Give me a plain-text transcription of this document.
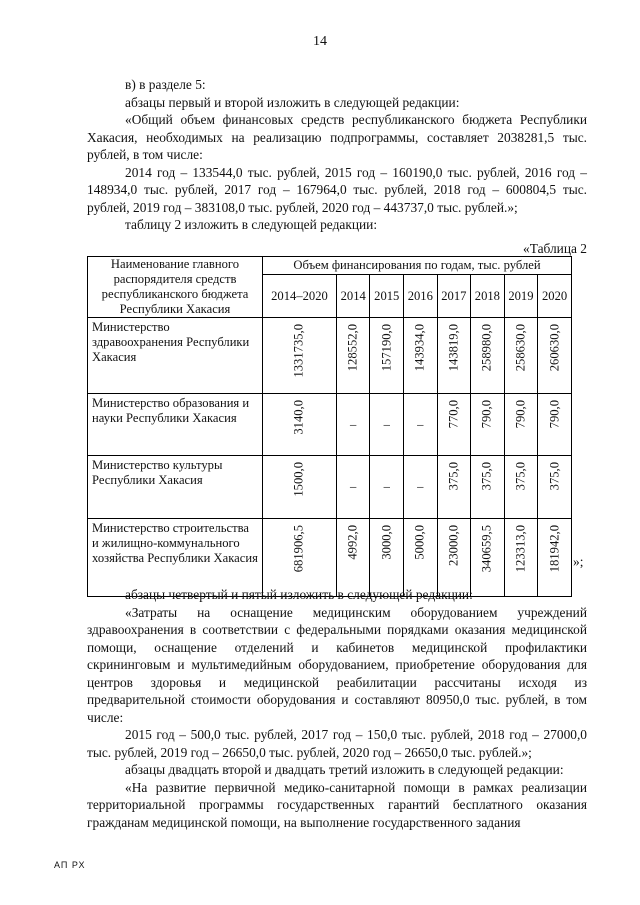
14

в) в разделе 5:

абзацы первый и второй изложить в следующей редакции:

«Общий объем финансовых средств республиканского бюджета Республики Хакасия, необходимых на реализацию подпрограммы, составляет 2038281,5 тыс. рублей, в том числе:

2014 год – 133544,0 тыс. рублей, 2015 год – 160190,0 тыс. рублей, 2016 год – 148934,0 тыс. рублей, 2017 год – 167964,0 тыс. рублей, 2018 год – 600804,5 тыс. рублей, 2019 год – 383108,0 тыс. рублей, 2020 год – 443737,0 тыс. рублей.»;

таблицу 2 изложить в следующей редакции:

«Таблица 2

Наименование главного распорядителя средств республиканского бюджета Республики Хакасия	Объем финансирования по годам, тыс. рублей							
	2014–2020	2014	2015	2016	2017	2018	2019	2020
Министерство здравоохранения Республики Хакасия	1331735,0	128552,0	157190,0	143934,0	143819,0	258980,0	258630,0	260630,0

Министерство образования и науки Республики Хакасия	3140,0	–	–	–	770,0	790,0	790,0	790,0

Министерство культуры Республики Хакасия	1500,0	–	–	–	375,0	375,0	375,0	375,0

Министерство строительства и жилищно-коммунального хозяйства Республики Хакасия	681906,5	4992,0	3000,0	5000,0	23000,0	340659,5	123313,0	181942,0 »;

абзацы четвертый и пятый изложить в следующей редакции:

«Затраты на оснащение медицинским оборудованием учреждений здравоохранения в соответствии с федеральными порядками оказания медицинской помощи, оснащение отделений и кабинетов медицинской профилактики скрининговым и мультимедийным оборудованием, приобретение оборудования для центров здоровья и медицинской реабилитации рассчитаны исходя из предварительной стоимости оборудования и составляют 80950,0 тыс. рублей, в том числе:

2015 год – 500,0 тыс. рублей, 2017 год – 150,0 тыс. рублей, 2018 год – 27000,0 тыс. рублей, 2019 год – 26650,0 тыс. рублей, 2020 год – 26650,0 тыс. рублей.»;

абзацы двадцать второй и двадцать третий изложить в следующей редакции:

«На развитие первичной медико-санитарной помощи в рамках реализации территориальной программы государственных гарантий бесплатного оказания гражданам медицинской помощи, на выполнение государственного задания

АП РХ
